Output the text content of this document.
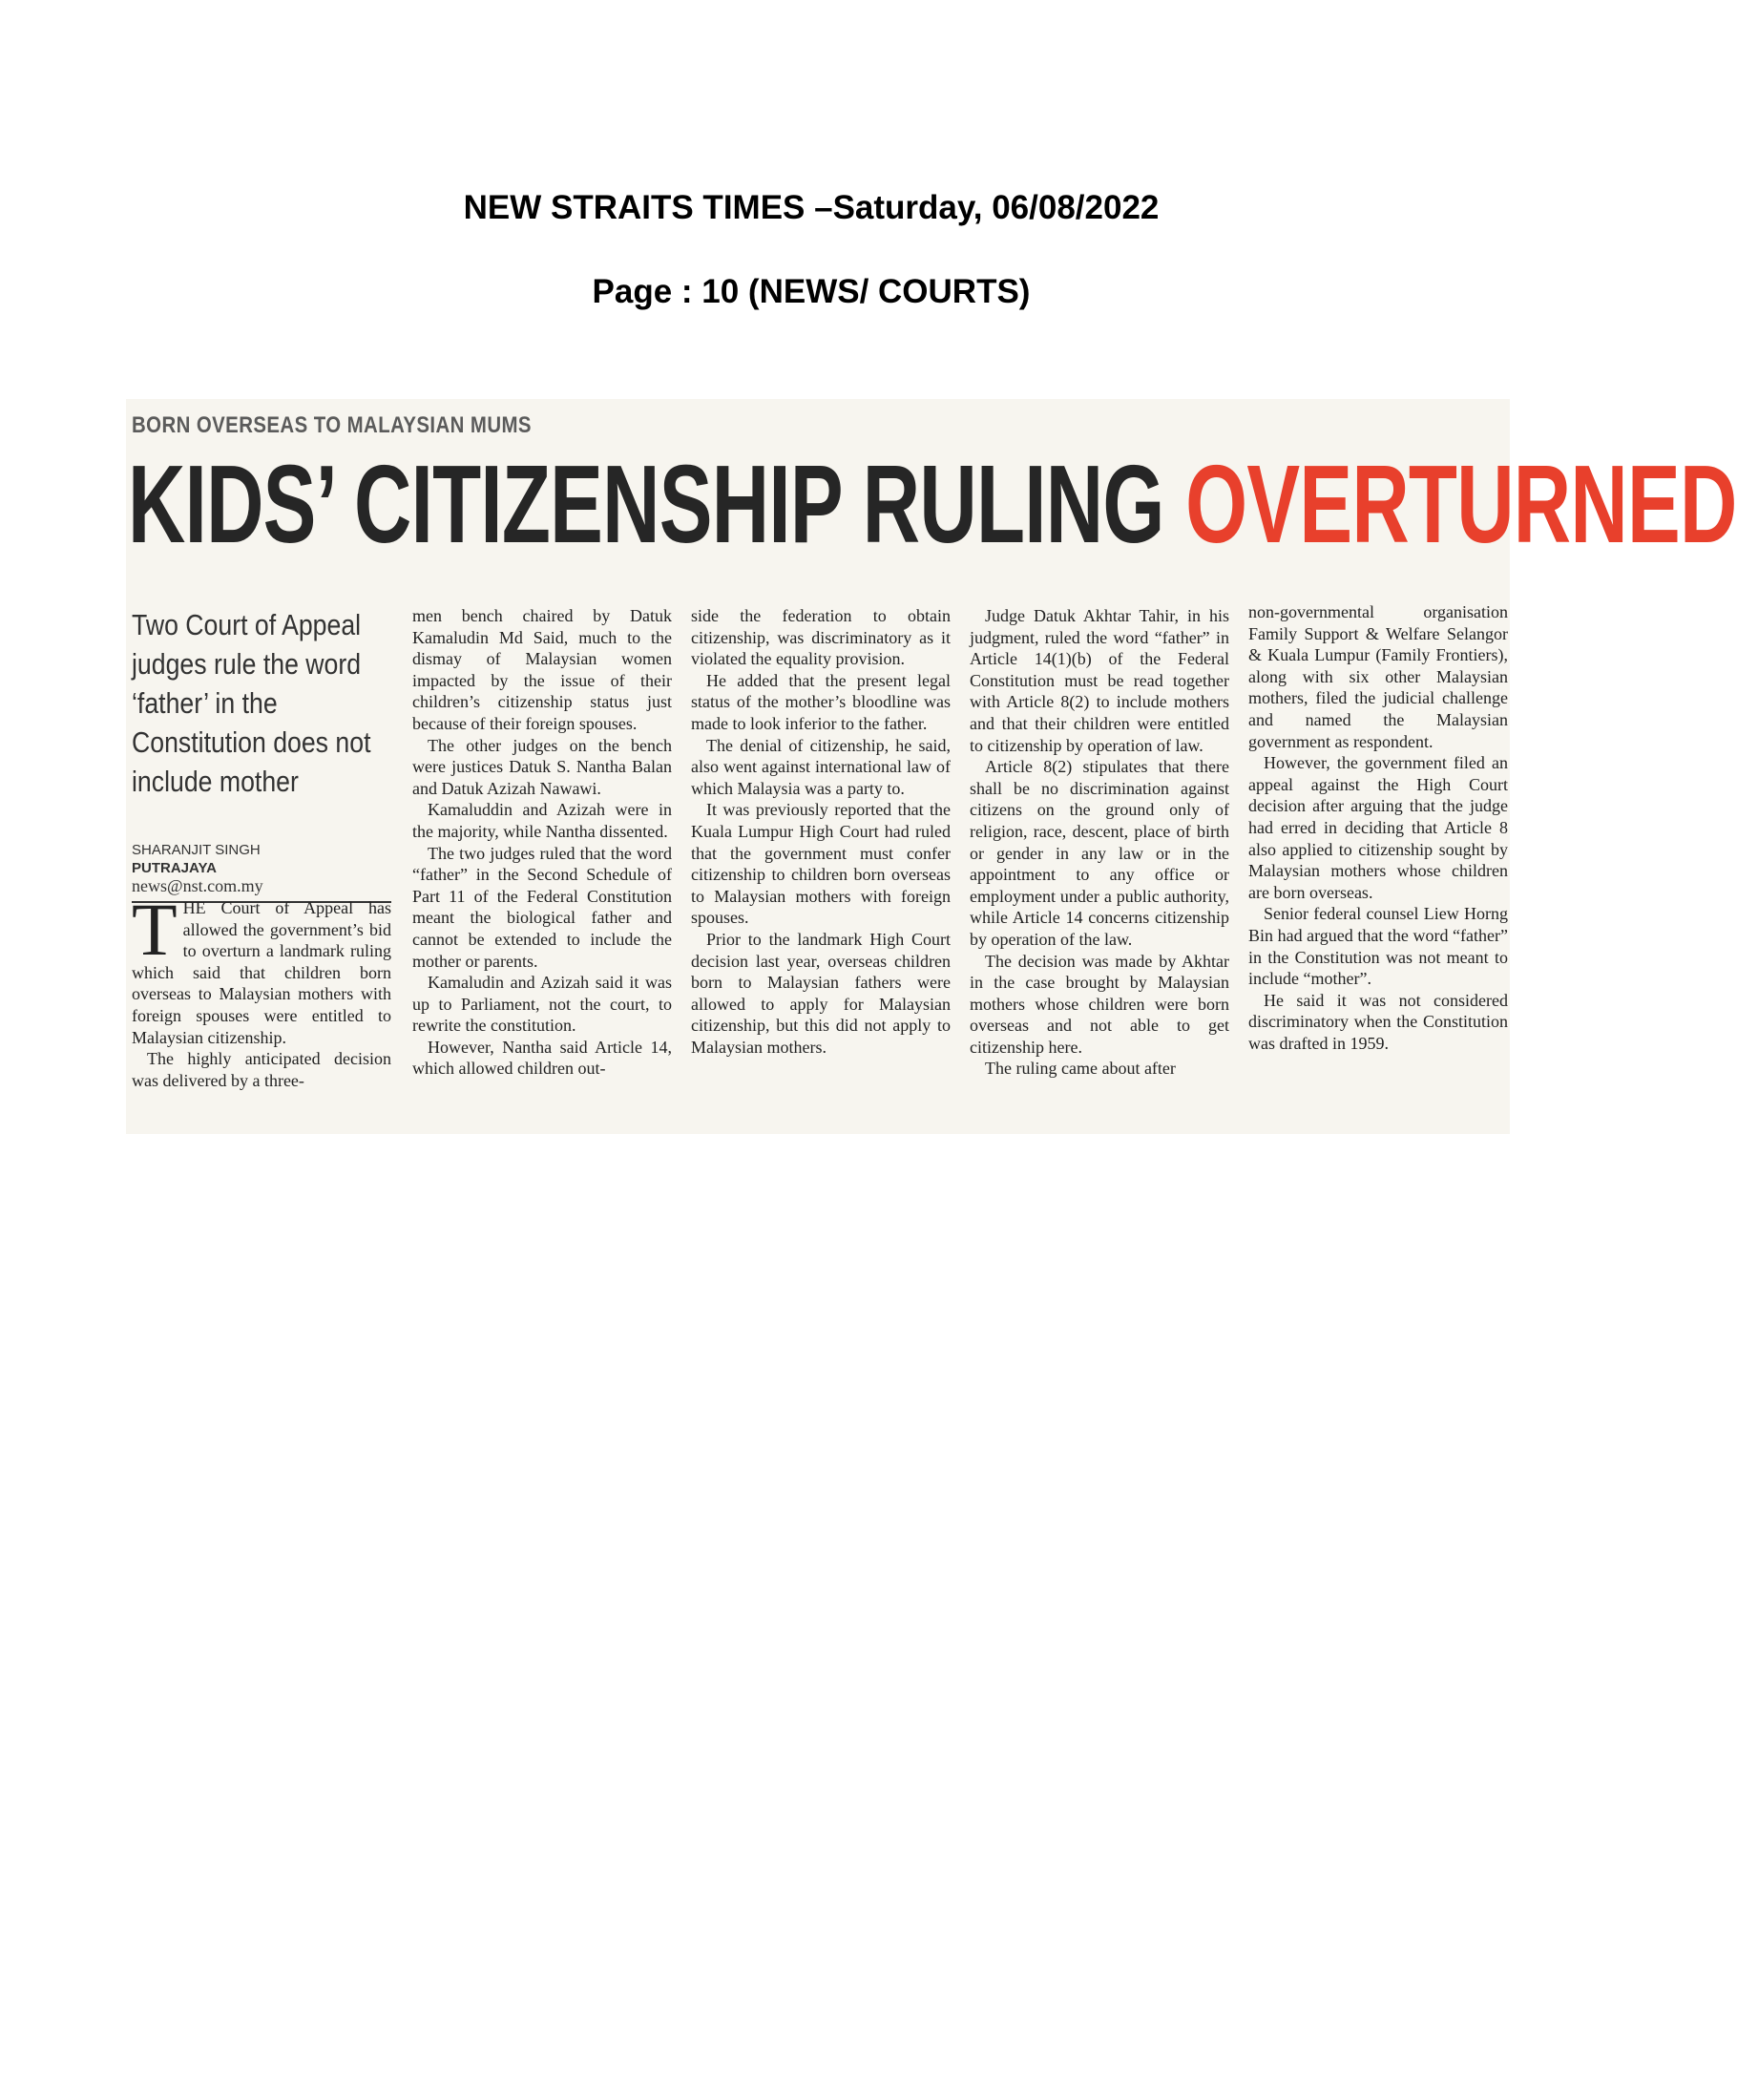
NEW STRAITS TIMES –Saturday, 06/08/2022
Page : 10 (NEWS/ COURTS)
BORN OVERSEAS TO MALAYSIAN MUMS
KIDS’ CITIZENSHIP RULING OVERTURNED
Two Court of Appeal judges rule the word ‘father’ in the Constitution does not include mother
SHARANJIT SINGH
PUTRAJAYA
news@nst.com.my

THE Court of Appeal has allowed the government’s bid to overturn a landmark ruling which said that children born overseas to Malaysian mothers with foreign spouses were entitled to Malaysian citizenship.

The highly anticipated decision was delivered by a three-

men bench chaired by Datuk Kamaludin Md Said, much to the dismay of Malaysian women impacted by the issue of their children’s citizenship status just because of their foreign spouses.

The other judges on the bench were justices Datuk S. Nantha Balan and Datuk Azizah Nawawi.

Kamaluddin and Azizah were in the majority, while Nantha dissented.

The two judges ruled that the word “father” in the Second Schedule of Part 11 of the Federal Constitution meant the biological father and cannot be extended to include the mother or parents.

Kamaludin and Azizah said it was up to Parliament, not the court, to rewrite the constitution.

However, Nantha said Article 14, which allowed children out-

side the federation to obtain citizenship, was discriminatory as it violated the equality provision.

He added that the present legal status of the mother’s bloodline was made to look inferior to the father.

The denial of citizenship, he said, also went against international law of which Malaysia was a party to.

It was previously reported that the Kuala Lumpur High Court had ruled that the government must confer citizenship to children born overseas to Malaysian mothers with foreign spouses.

Prior to the landmark High Court decision last year, overseas children born to Malaysian fathers were allowed to apply for Malaysian citizenship, but this did not apply to Malaysian mothers.

Judge Datuk Akhtar Tahir, in his judgment, ruled the word “father” in Article 14(1)(b) of the Federal Constitution must be read together with Article 8(2) to include mothers and that their children were entitled to citizenship by operation of law.

Article 8(2) stipulates that there shall be no discrimination against citizens on the ground only of religion, race, descent, place of birth or gender in any law or in the appointment to any office or employment under a public authority, while Article 14 concerns citizenship by operation of the law.

The decision was made by Akhtar in the case brought by Malaysian mothers whose children were born overseas and not able to get citizenship here.

The ruling came about after

non-governmental organisation Family Support & Welfare Selangor & Kuala Lumpur (Family Frontiers), along with six other Malaysian mothers, filed the judicial challenge and named the Malaysian government as respondent.

However, the government filed an appeal against the High Court decision after arguing that the judge had erred in deciding that Article 8 also applied to citizenship sought by Malaysian mothers whose children are born overseas.

Senior federal counsel Liew Horng Bin had argued that the word “father” in the Constitution was not meant to include “mother”.

He said it was not considered discriminatory when the Constitution was drafted in 1959.
